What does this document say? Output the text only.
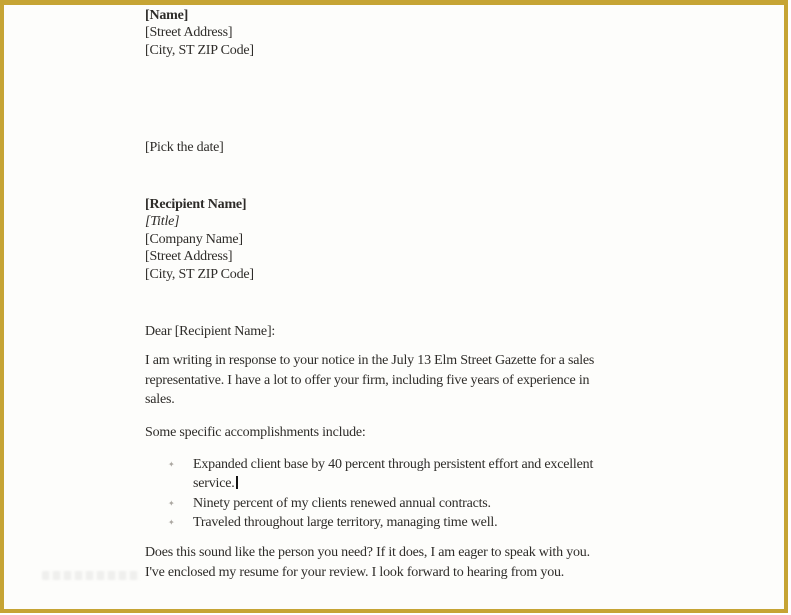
[Name]
[Street Address]
[City, ST ZIP Code]
[Pick the date]
[Recipient Name]
[Title]
[Company Name]
[Street Address]
[City, ST ZIP Code]
Dear [Recipient Name]:
I am writing in response to your notice in the July 13 Elm Street Gazette for a sales
representative. I have a lot to offer your firm, including five years of experience in
sales.
Some specific accomplishments include:
✦	Expanded client base by 40 percent through persistent effort and excellent
service.
✦	Ninety percent of my clients renewed annual contracts.
✦	Traveled throughout large territory, managing time well.
Does this sound like the person you need? If it does, I am eager to speak with you.
I've enclosed my resume for your review. I look forward to hearing from you.
